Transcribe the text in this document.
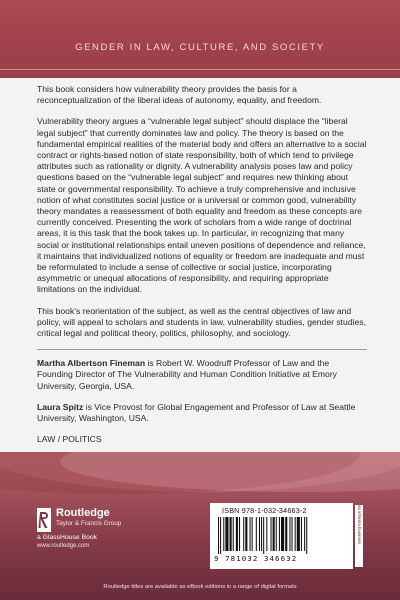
GENDER IN LAW, CULTURE, AND SOCIETY

This book considers how vulnerability theory provides the basis for a reconceptualization of the liberal ideas of autonomy, equality, and freedom.

Vulnerability theory argues a “vulnerable legal subject” should displace the “liberal legal subject” that currently dominates law and policy. The theory is based on the fundamental empirical realities of the material body and offers an alternative to a social contract or rights-based notion of state responsibility, both of which tend to privilege attributes such as rationality or dignity. A vulnerability analysis poses law and policy questions based on the “vulnerable legal subject” and requires new thinking about state or governmental responsibility. To achieve a truly comprehensive and inclusive notion of what constitutes social justice or a universal or common good, vulnerability theory mandates a reassessment of both equality and freedom as these concepts are currently conceived. Presenting the work of scholars from a wide range of doctrinal areas, it is this task that the book takes up. In particular, in recognizing that many social or institutional relationships entail uneven positions of dependence and reliance, it maintains that individualized notions of equality or freedom are inadequate and must be reformulated to include a sense of collective or social justice, incorporating asymmetric or unequal allocations of responsibility, and requiring appropriate limitations on the individual.

This book’s reorientation of the subject, as well as the central objectives of law and policy, will appeal to scholars and students in law, vulnerability studies, gender studies, critical legal and political theory, politics, philosophy, and sociology.

Martha Albertson Fineman is Robert W. Woodruff Professor of Law and the Founding Director of The Vulnerability and Human Condition Initiative at Emory University, Georgia, USA.

Laura Spitz is Vice Provost for Global Engagement and Professor of Law at Seattle University, Washington, USA.

LAW / POLITICS
Routledge
Taylor & Francis Group
a GlassHouse Book
www.routledge.com
ISBN 978-1-032-34663-2
9 781032 346632
an informa business
Routledge titles are available as eBook editions in a range of digital formats
